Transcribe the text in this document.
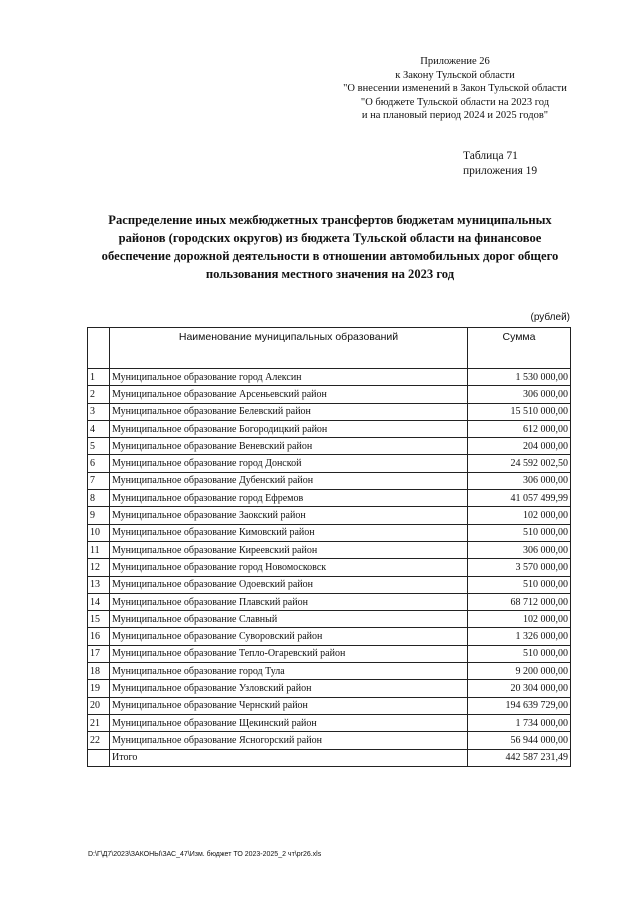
Приложение 26
к Закону Тульской области
"О внесении изменений в Закон Тульской области
"О бюджете Тульской области на 2023 год
и на плановый период 2024 и 2025 годов"
Таблица 71
приложения 19
Распределение иных межбюджетных трансфертов бюджетам муниципальных районов (городских округов) из бюджета Тульской области на финансовое обеспечение дорожной деятельности в отношении автомобильных дорог общего пользования местного значения на 2023 год
(рублей)
	Наименование муниципальных образований	Сумма
1	Муниципальное образование город Алексин	1 530 000,00
2	Муниципальное образование Арсеньевский район	306 000,00
3	Муниципальное образование Белевский район	15 510 000,00
4	Муниципальное образование Богородицкий район	612 000,00
5	Муниципальное образование Веневский район	204 000,00
6	Муниципальное образование город Донской	24 592 002,50
7	Муниципальное образование Дубенский район	306 000,00
8	Муниципальное образование город Ефремов	41 057 499,99
9	Муниципальное образование Заокский район	102 000,00
10	Муниципальное образование Кимовский район	510 000,00
11	Муниципальное образование Киреевский район	306 000,00
12	Муниципальное образование город Новомосковск	3 570 000,00
13	Муниципальное образование Одоевский район	510 000,00
14	Муниципальное образование Плавский район	68 712 000,00
15	Муниципальное образование Славный	102 000,00
16	Муниципальное образование Суворовский район	1 326 000,00
17	Муниципальное образование Тепло-Огаревский район	510 000,00
18	Муниципальное образование город Тула	9 200 000,00
19	Муниципальное образование Узловский район	20 304 000,00
20	Муниципальное образование Чернский район	194 639 729,00
21	Муниципальное образование Щекинский район	1 734 000,00
22	Муниципальное образование Ясногорский район	56 944 000,00
	Итого	442 587 231,49
D:\Г\Д7\2023\ЗАКОНЫ\ЗАС_47\Изм. бюджет ТО 2023-2025_2 чт\pr26.xls
